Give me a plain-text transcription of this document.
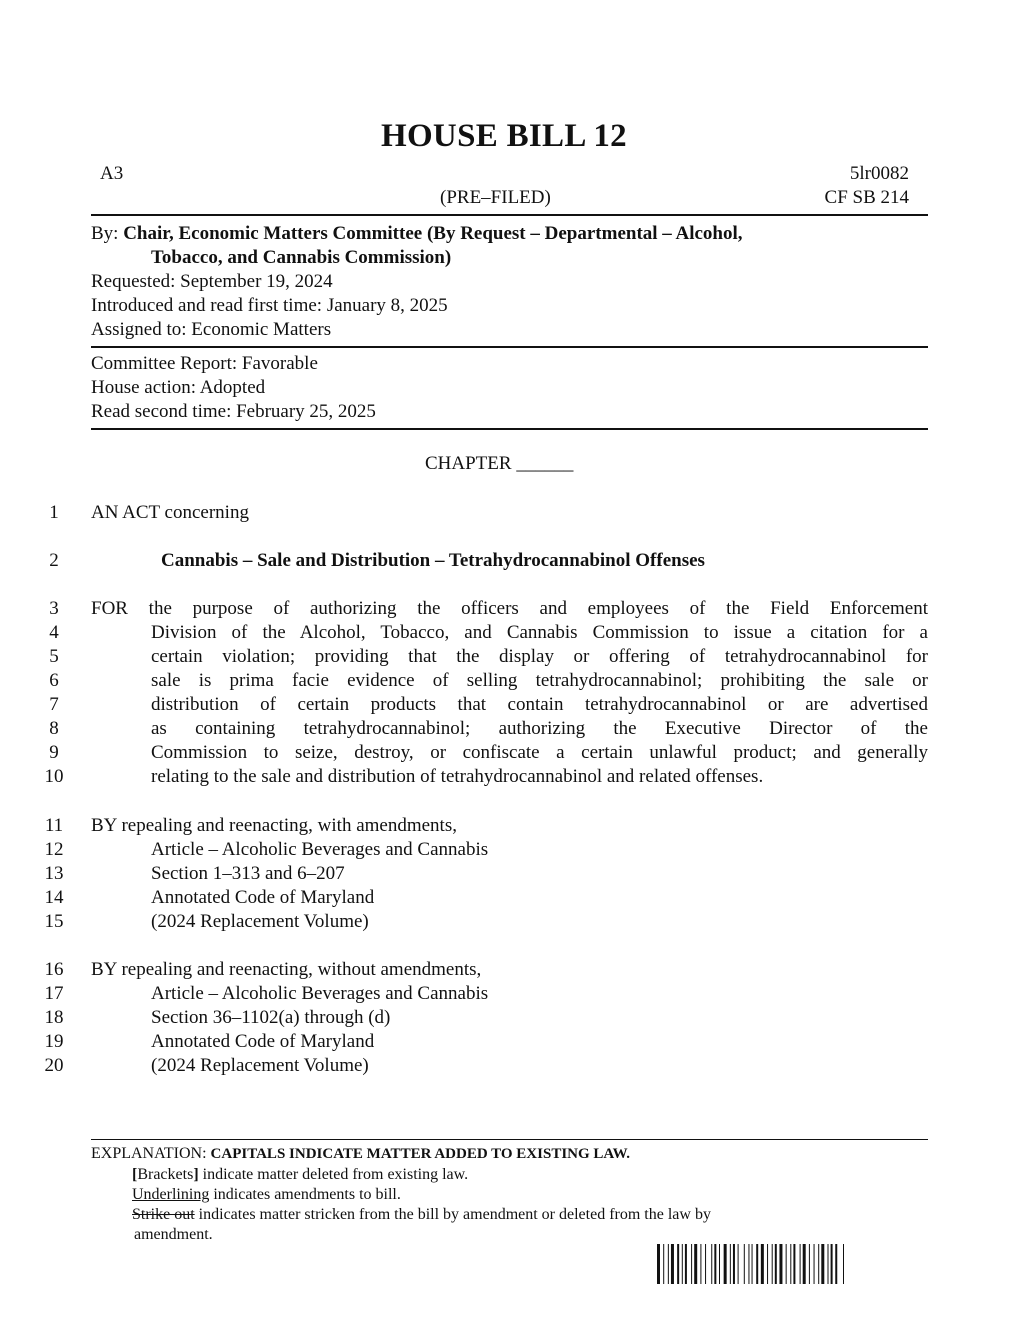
HOUSE BILL 12
A3	5lr0082
(PRE–FILED)	CF SB 214
By: Chair, Economic Matters Committee (By Request – Departmental – Alcohol,
Tobacco, and Cannabis Commission)
Requested: September 19, 2024
Introduced and read first time: January 8, 2025
Assigned to: Economic Matters
Committee Report: Favorable
House action: Adopted
Read second time: February 25, 2025
CHAPTER ______
1
2
3
4
5
6
7
8
9
10
11
12
13
14
15
16
17
18
19
20
AN ACT concerning
Cannabis – Sale and Distribution – Tetrahydrocannabinol Offenses
FOR the purpose of authorizing the officers and employees of the Field Enforcement
Division of the Alcohol, Tobacco, and Cannabis Commission to issue a citation for a
certain violation; providing that the display or offering of tetrahydrocannabinol for
sale is prima facie evidence of selling tetrahydrocannabinol; prohibiting the sale or
distribution of certain products that contain tetrahydrocannabinol or are advertised
as containing tetrahydrocannabinol; authorizing the Executive Director of the
Commission to seize, destroy, or confiscate a certain unlawful product; and generally
relating to the sale and distribution of tetrahydrocannabinol and related offenses.
BY repealing and reenacting, with amendments,
Article – Alcoholic Beverages and Cannabis
Section 1–313 and 6–207
Annotated Code of Maryland
(2024 Replacement Volume)
BY repealing and reenacting, without amendments,
Article – Alcoholic Beverages and Cannabis
Section 36–1102(a) through (d)
Annotated Code of Maryland
(2024 Replacement Volume)
EXPLANATION: CAPITALS INDICATE MATTER ADDED TO EXISTING LAW.
[Brackets] indicate matter deleted from existing law.
Underlining indicates amendments to bill.
Strike out indicates matter stricken from the bill by amendment or deleted from the law by
amendment.
